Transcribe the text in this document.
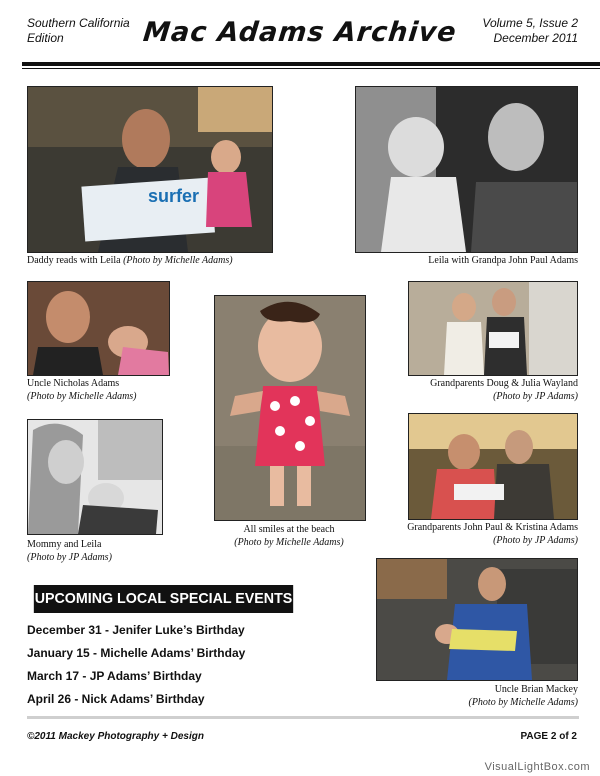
Southern California
Edition	Mac Adams Archive Volume 5, Issue 2
December 2011
surfer
Daddy reads with Leila (Photo by Michelle Adams)	Leila with Grandpa John Paul Adams
Uncle Nicholas Adams
(Photo by Michelle Adams)
All smiles at the beach
(Photo by Michelle Adams)
Grandparents Doug & Julia Wayland
(Photo by JP Adams)
Mommy and Leila
(Photo by JP Adams)
Grandparents John Paul & Kristina Adams
(Photo by JP Adams)
Uncle Brian Mackey
(Photo by Michelle Adams)
UPCOMING LOCAL SPECIAL EVENTS
December 31 - Jenifer Luke’s Birthday
January 15 - Michelle Adams’ Birthday
March 17 - JP Adams’ Birthday
April 26 - Nick Adams’ Birthday
©2011 Mackey Photography + Design	PAGE 2 of 2
VisualLightBox.com
